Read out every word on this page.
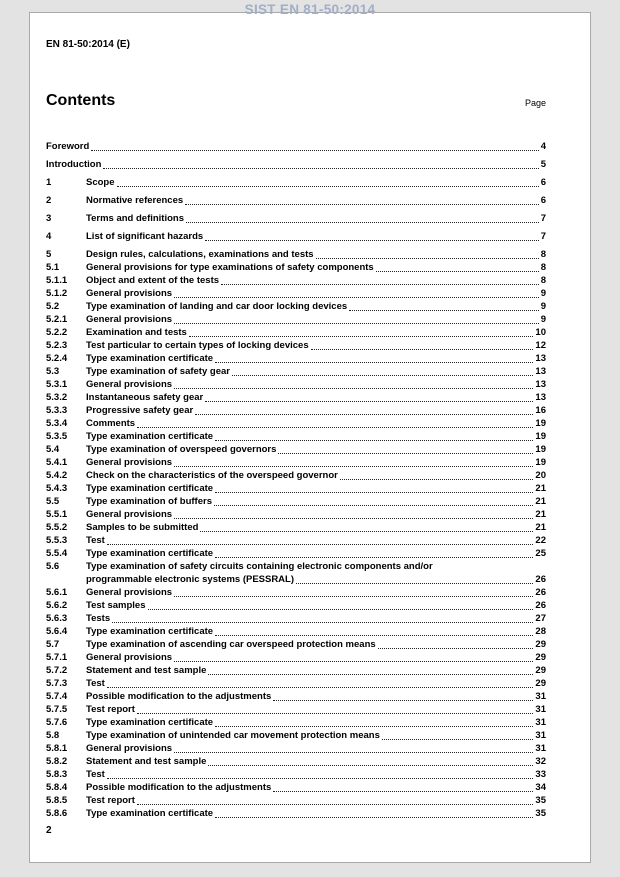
SIST EN 81-50:2014
EN 81-50:2014 (E)
Contents	Page
Foreword	4
Introduction	5
1	Scope	6
2	Normative references	6
3	Terms and definitions	7
4	List of significant hazards	7
5	Design rules, calculations, examinations and tests	8
5.1	General provisions for type examinations of safety components	8
5.1.1	Object and extent of the tests	8
5.1.2	General provisions	9
5.2	Type examination of landing and car door locking devices	9
5.2.1	General provisions	9
5.2.2	Examination and tests	10
5.2.3	Test particular to certain types of locking devices	12
5.2.4	Type examination certificate	13
5.3	Type examination of safety gear	13
5.3.1	General provisions	13
5.3.2	Instantaneous safety gear	13
5.3.3	Progressive safety gear	16
5.3.4	Comments	19
5.3.5	Type examination certificate	19
5.4	Type examination of overspeed governors	19
5.4.1	General provisions	19
5.4.2	Check on the characteristics of the overspeed governor	20
5.4.3	Type examination certificate	21
5.5	Type examination of buffers	21
5.5.1	General provisions	21
5.5.2	Samples to be submitted	21
5.5.3	Test	22
5.5.4	Type examination certificate	25
5.6	Type examination of safety circuits containing electronic components and/or
programmable electronic systems (PESSRAL)	26
5.6.1	General provisions	26
5.6.2	Test samples	26
5.6.3	Tests	27
5.6.4	Type examination certificate	28
5.7	Type examination of ascending car overspeed protection means	29
5.7.1	General provisions	29
5.7.2	Statement and test sample	29
5.7.3	Test	29
5.7.4	Possible modification to the adjustments	31
5.7.5	Test report	31
5.7.6	Type examination certificate	31
5.8	Type examination of unintended car movement protection means	31
5.8.1	General provisions	31
5.8.2	Statement and test sample	32
5.8.3	Test	33
5.8.4	Possible modification to the adjustments	34
5.8.5	Test report	35
5.8.6	Type examination certificate	35
2
